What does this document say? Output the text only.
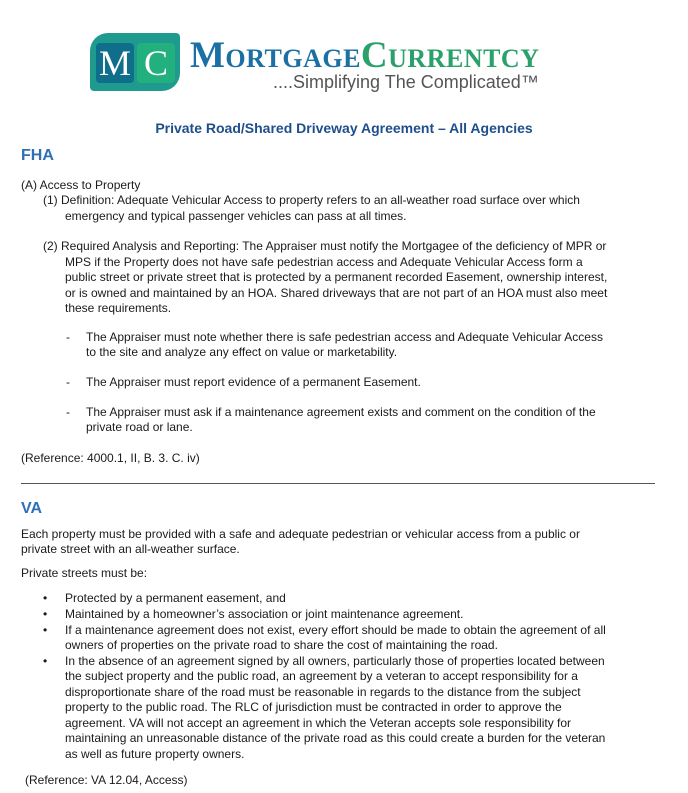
M C MortgageCurrentcy
....Simplifying The Complicated™
Private Road/Shared Driveway Agreement – All Agencies
FHA
(A) Access to Property
(1) Definition: Adequate Vehicular Access to property refers to an all-weather road surface over which
emergency and typical passenger vehicles can pass at all times.
(2) Required Analysis and Reporting: The Appraiser must notify the Mortgagee of the deficiency of MPR or
MPS if the Property does not have safe pedestrian access and Adequate Vehicular Access form a
public street or private street that is protected by a permanent recorded Easement, ownership interest,
or is owned and maintained by an HOA. Shared driveways that are not part of an HOA must also meet
these requirements.
- The Appraiser must note whether there is safe pedestrian access and Adequate Vehicular Access
to the site and analyze any effect on value or marketability.
- The Appraiser must report evidence of a permanent Easement.
- The Appraiser must ask if a maintenance agreement exists and comment on the condition of the
private road or lane.
(Reference: 4000.1, II, B. 3. C. iv)
VA
Each property must be provided with a safe and adequate pedestrian or vehicular access from a public or
private street with an all-weather surface.
Private streets must be:
• Protected by a permanent easement, and
• Maintained by a homeowner’s association or joint maintenance agreement.
• If a maintenance agreement does not exist, every effort should be made to obtain the agreement of all
owners of properties on the private road to share the cost of maintaining the road.
• In the absence of an agreement signed by all owners, particularly those of properties located between
the subject property and the public road, an agreement by a veteran to accept responsibility for a
disproportionate share of the road must be reasonable in regards to the distance from the subject
property to the public road. The RLC of jurisdiction must be contracted in order to approve the
agreement. VA will not accept an agreement in which the Veteran accepts sole responsibility for
maintaining an unreasonable distance of the private road as this could create a burden for the veteran
as well as future property owners.
(Reference: VA 12.04, Access)
